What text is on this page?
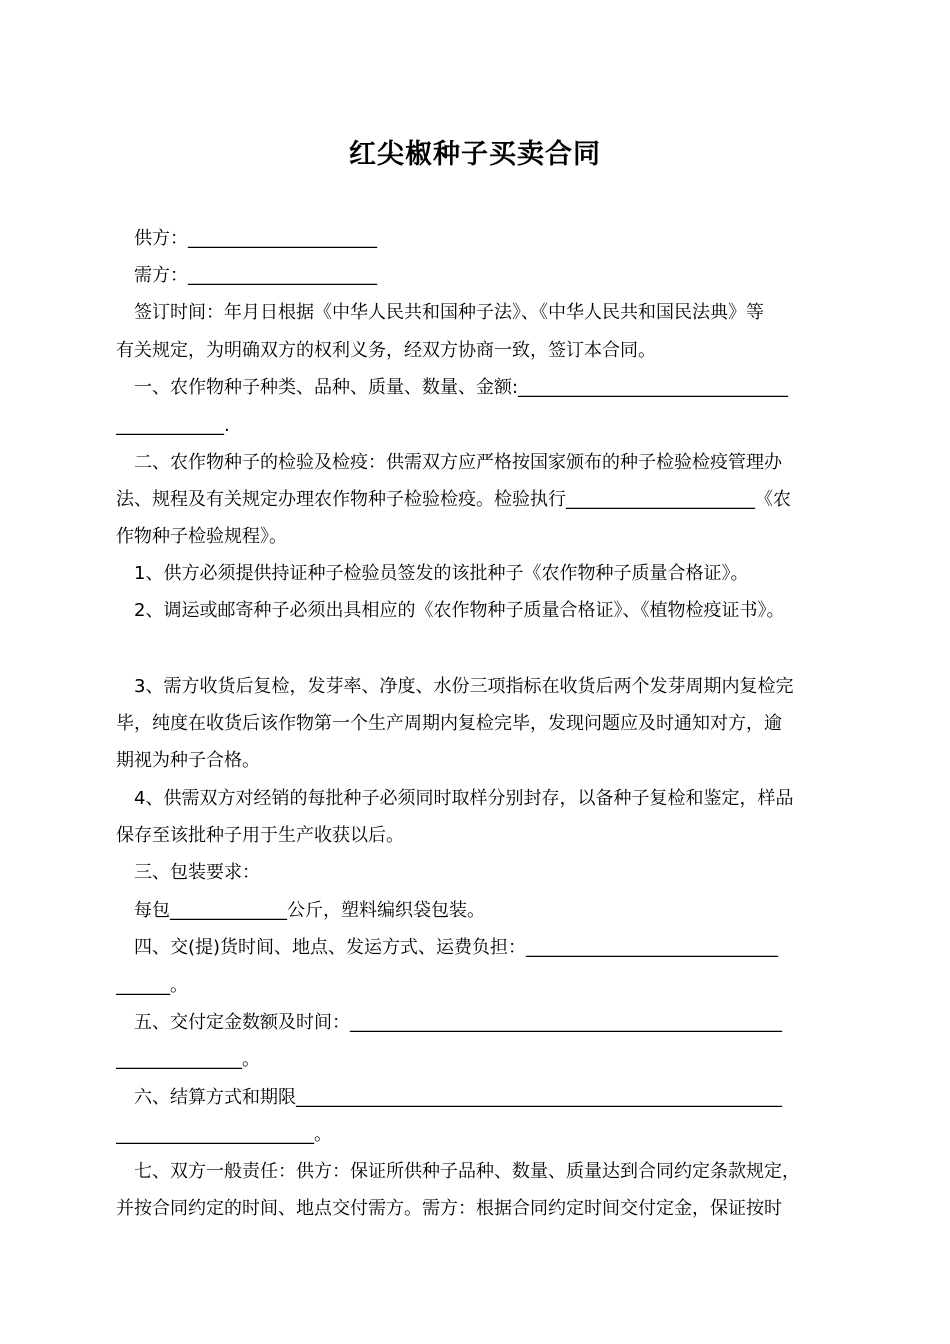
红尖椒种子买卖合同

供方：_____________________

需方：_____________________

签订时间：年月日根据《中华人民共和国种子法》、《中华人民共和国民法典》等

有关规定，为明确双方的权利义务，经双方协商一致，签订本合同。

一、农作物种子种类、品种、质量、数量、金额:______________________________

____________.

二、农作物种子的检验及检疫：供需双方应严格按国家颁布的种子检验检疫管理办

法、规程及有关规定办理农作物种子检验检疫。检验执行_____________________《农

作物种子检验规程》。

1、供方必须提供持证种子检验员签发的该批种子《农作物种子质量合格证》。

2、调运或邮寄种子必须出具相应的《农作物种子质量合格证》、《植物检疫证书》。

3、需方收货后复检，发芽率、净度、水份三项指标在收货后两个发芽周期内复检完

毕，纯度在收货后该作物第一个生产周期内复检完毕，发现问题应及时通知对方，逾

期视为种子合格。

4、供需双方对经销的每批种子必须同时取样分别封存，以备种子复检和鉴定，样品

保存至该批种子用于生产收获以后。

三、包装要求：

每包_____________公斤，塑料编织袋包装。

四、交(提)货时间、地点、发运方式、运费负担：____________________________

______。

五、交付定金数额及时间：________________________________________________

______________。

六、结算方式和期限______________________________________________________

______________________。

七、双方一般责任：供方：保证所供种子品种、数量、质量达到合同约定条款规定，

并按合同约定的时间、地点交付需方。需方：根据合同约定时间交付定金，保证按时
